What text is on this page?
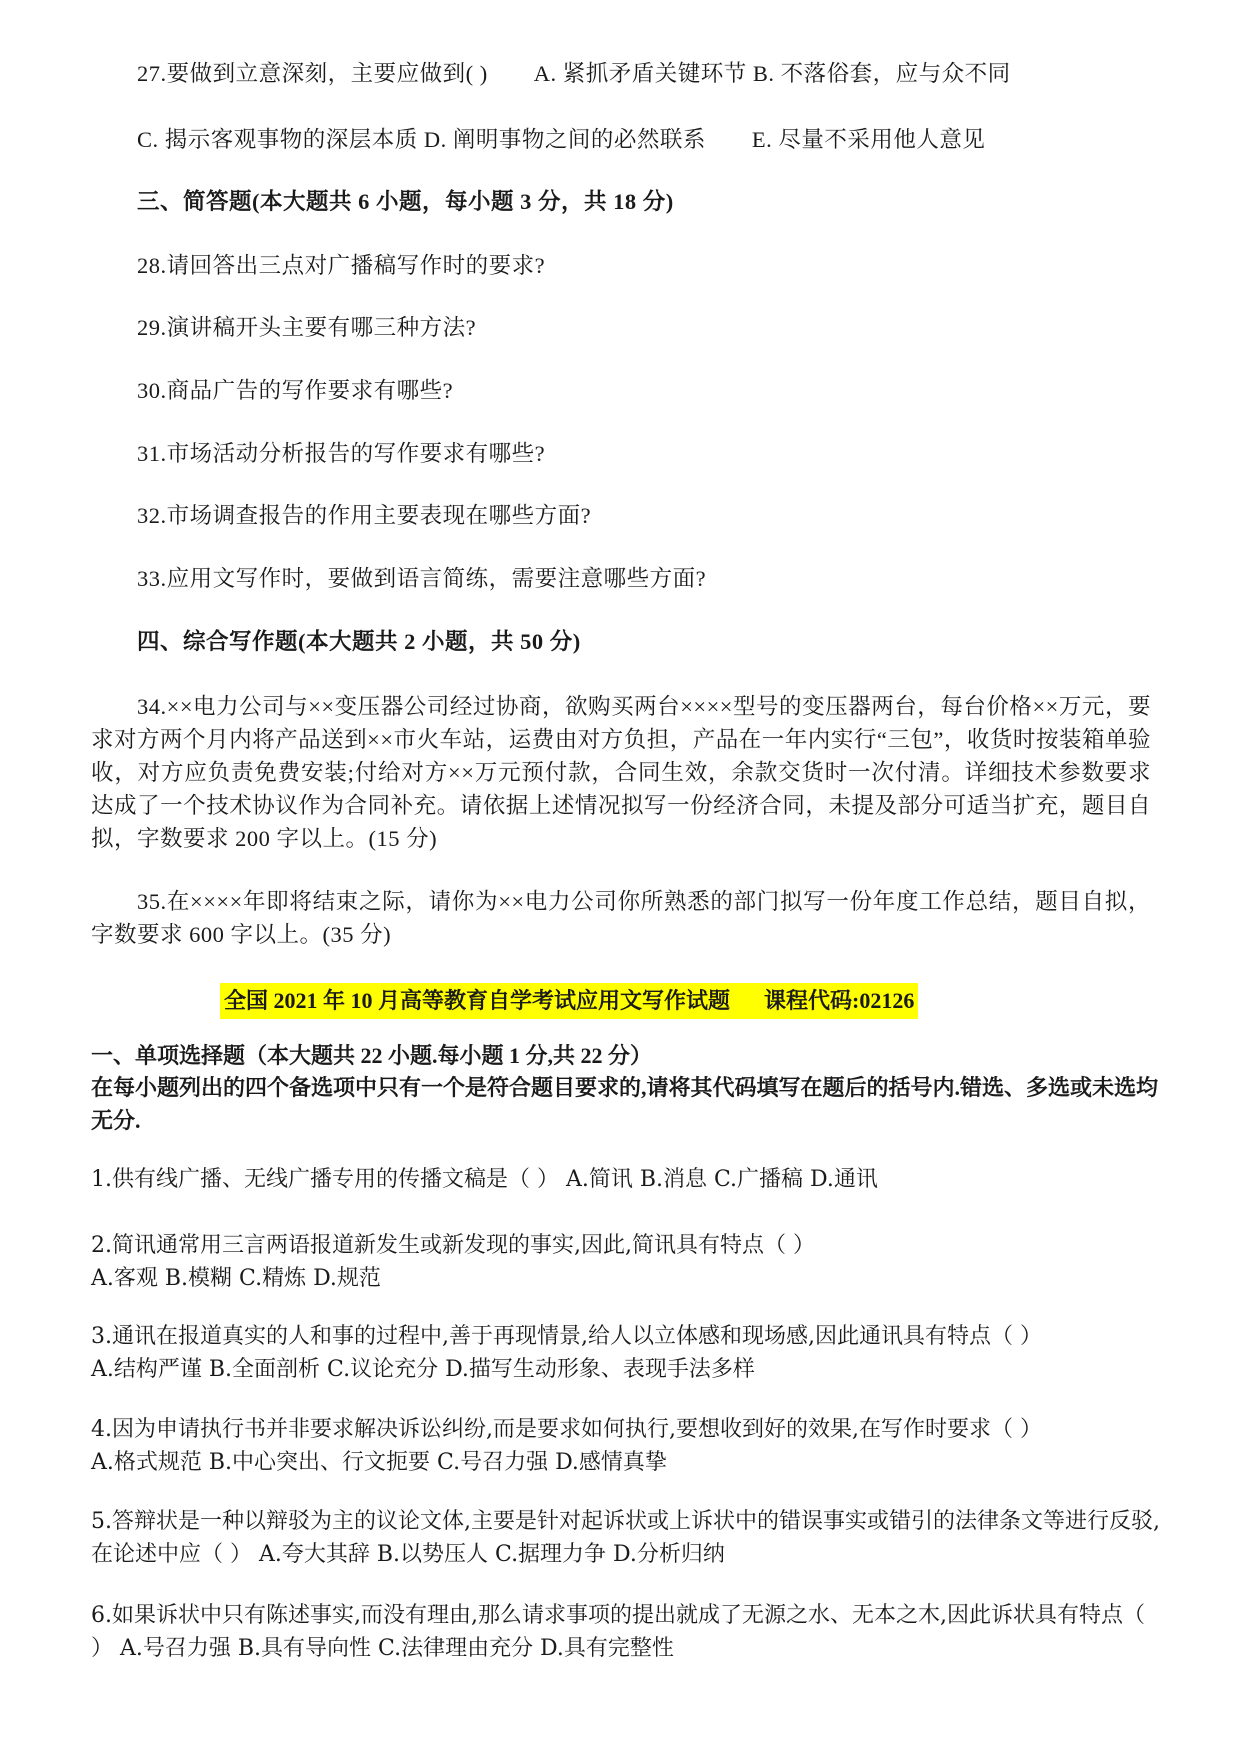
27.要做到立意深刻，主要应做到( )　　A. 紧抓矛盾关键环节 B. 不落俗套，应与众不同
C. 揭示客观事物的深层本质 D. 阐明事物之间的必然联系　　E. 尽量不采用他人意见
三、简答题(本大题共 6 小题，每小题 3 分，共 18 分)
28.请回答出三点对广播稿写作时的要求?
29.演讲稿开头主要有哪三种方法?
30.商品广告的写作要求有哪些?
31.市场活动分析报告的写作要求有哪些?
32.市场调查报告的作用主要表现在哪些方面?
33.应用文写作时，要做到语言简练，需要注意哪些方面?
四、综合写作题(本大题共 2 小题，共 50 分)
34.××电力公司与××变压器公司经过协商，欲购买两台××××型号的变压器两台，每台价格××万元，要求对方两个月内将产品送到××市火车站，运费由对方负担，产品在一年内实行“三包”，收货时按装箱单验收，对方应负责免费安装;付给对方××万元预付款，合同生效，余款交货时一次付清。详细技术参数要求达成了一个技术协议作为合同补充。请依据上述情况拟写一份经济合同，未提及部分可适当扩充，题目自拟，字数要求 200 字以上。(15 分)
35.在××××年即将结束之际，请你为××电力公司你所熟悉的部门拟写一份年度工作总结，题目自拟，字数要求 600 字以上。(35 分)
全国 2021 年 10 月高等教育自学考试应用文写作试题 课程代码:02126
一、单项选择题（本大题共 22 小题.每小题 1 分,共 22 分）
在每小题列出的四个备选项中只有一个是符合题目要求的,请将其代码填写在题后的括号内.错选、多选或未选均无分.
1.供有线广播、无线广播专用的传播文稿是（ ） A.简讯 B.消息 C.广播稿 D.通讯
2.简讯通常用三言两语报道新发生或新发现的事实,因此,简讯具有特点（ ）
A.客观 B.模糊 C.精炼 D.规范
3.通讯在报道真实的人和事的过程中,善于再现情景,给人以立体感和现场感,因此通讯具有特点（ ）
A.结构严谨 B.全面剖析 C.议论充分 D.描写生动形象、表现手法多样
4.因为申请执行书并非要求解决诉讼纠纷,而是要求如何执行,要想收到好的效果,在写作时要求（ ）
A.格式规范 B.中心突出、行文扼要 C.号召力强 D.感情真挚
5.答辩状是一种以辩驳为主的议论文体,主要是针对起诉状或上诉状中的错误事实或错引的法律条文等进行反驳,在论述中应（ ） A.夸大其辞 B.以势压人 C.据理力争 D.分析归纳
6.如果诉状中只有陈述事实,而没有理由,那么请求事项的提出就成了无源之水、无本之木,因此诉状具有特点（ ） A.号召力强 B.具有导向性 C.法律理由充分 D.具有完整性
